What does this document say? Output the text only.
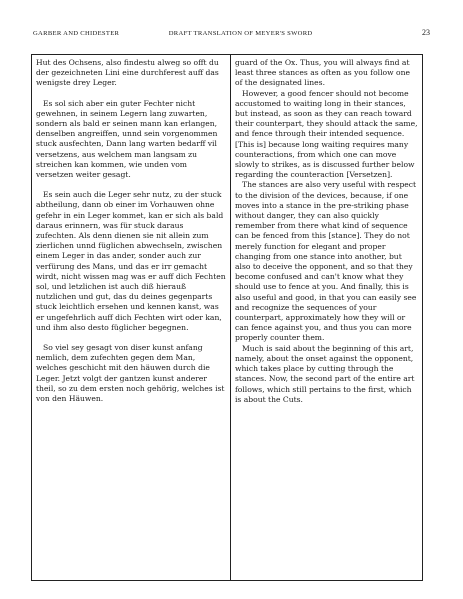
GARBER AND CHIDESTER	DRAFT TRANSLATION OF MEYER'S SWORD	23

Hut des Ochsens, also findestu alweg so offt du der gezeichneten Lini eine durchferest auff das wenigste drey Leger.

Es sol sich aber ein guter Fechter nicht gewehnen, in seinem Legern lang zuwarten, sondern als bald er seinen mann kan erlangen, denselben angreiffen, unnd sein vorgenommen stuck ausfechten, Dann lang warten bedarff vil versetzens, aus welchem man langsam zu streichen kan kommen, wie unden vom versetzen weiter gesagt.

Es sein auch die Leger sehr nutz, zu der stuck abtheilung, dann ob einer im Vorhauwen ohne gefehr in ein Leger kommet, kan er sich als bald daraus erinnern, was für stuck daraus zufechten. Als denn dienen sie nit allein zum zierlichen unnd füglichen abwechseln, zwischen einem Leger in das ander, sonder auch zur verfürung des Mans, und das er irr gemacht wirdt, nicht wissen mag was er auff dich Fechten sol, und letzlichen ist auch diß hierauß nutzlichen und gut, das du deines gegenparts stuck leichtlich ersehen und kennen kanst, was er ungefehrlich auff dich Fechten wirt oder kan, und ihm also desto füglicher begegnen.

So viel sey gesagt von diser kunst anfang nemlich, dem zufechten gegen dem Man, welches geschicht mit den häuwen durch die Leger. Jetzt volgt der gantzen kunst anderer theil, so zu dem ersten noch gehörig, welches ist von den Häuwen.

guard of the Ox. Thus, you will always find at least three stances as often as you follow one of the designated lines.

However, a good fencer should not become accustomed to waiting long in their stances, but instead, as soon as they can reach toward their counterpart, they should attack the same, and fence through their intended sequence. [This is] because long waiting requires many counteractions, from which one can move slowly to strikes, as is discussed further below regarding the counteraction [Versetzen].

The stances are also very useful with respect to the division of the devices, because, if one moves into a stance in the pre-striking phase without danger, they can also quickly remember from there what kind of sequence can be fenced from this [stance]. They do not merely function for elegant and proper changing from one stance into another, but also to deceive the opponent, and so that they become confused and can't know what they should use to fence at you. And finally, this is also useful and good, in that you can easily see and recognize the sequences of your counterpart, approximately how they will or can fence against you, and thus you can more properly counter them.

Much is said about the beginning of this art, namely, about the onset against the opponent, which takes place by cutting through the stances. Now, the second part of the entire art follows, which still pertains to the first, which is about the Cuts.
